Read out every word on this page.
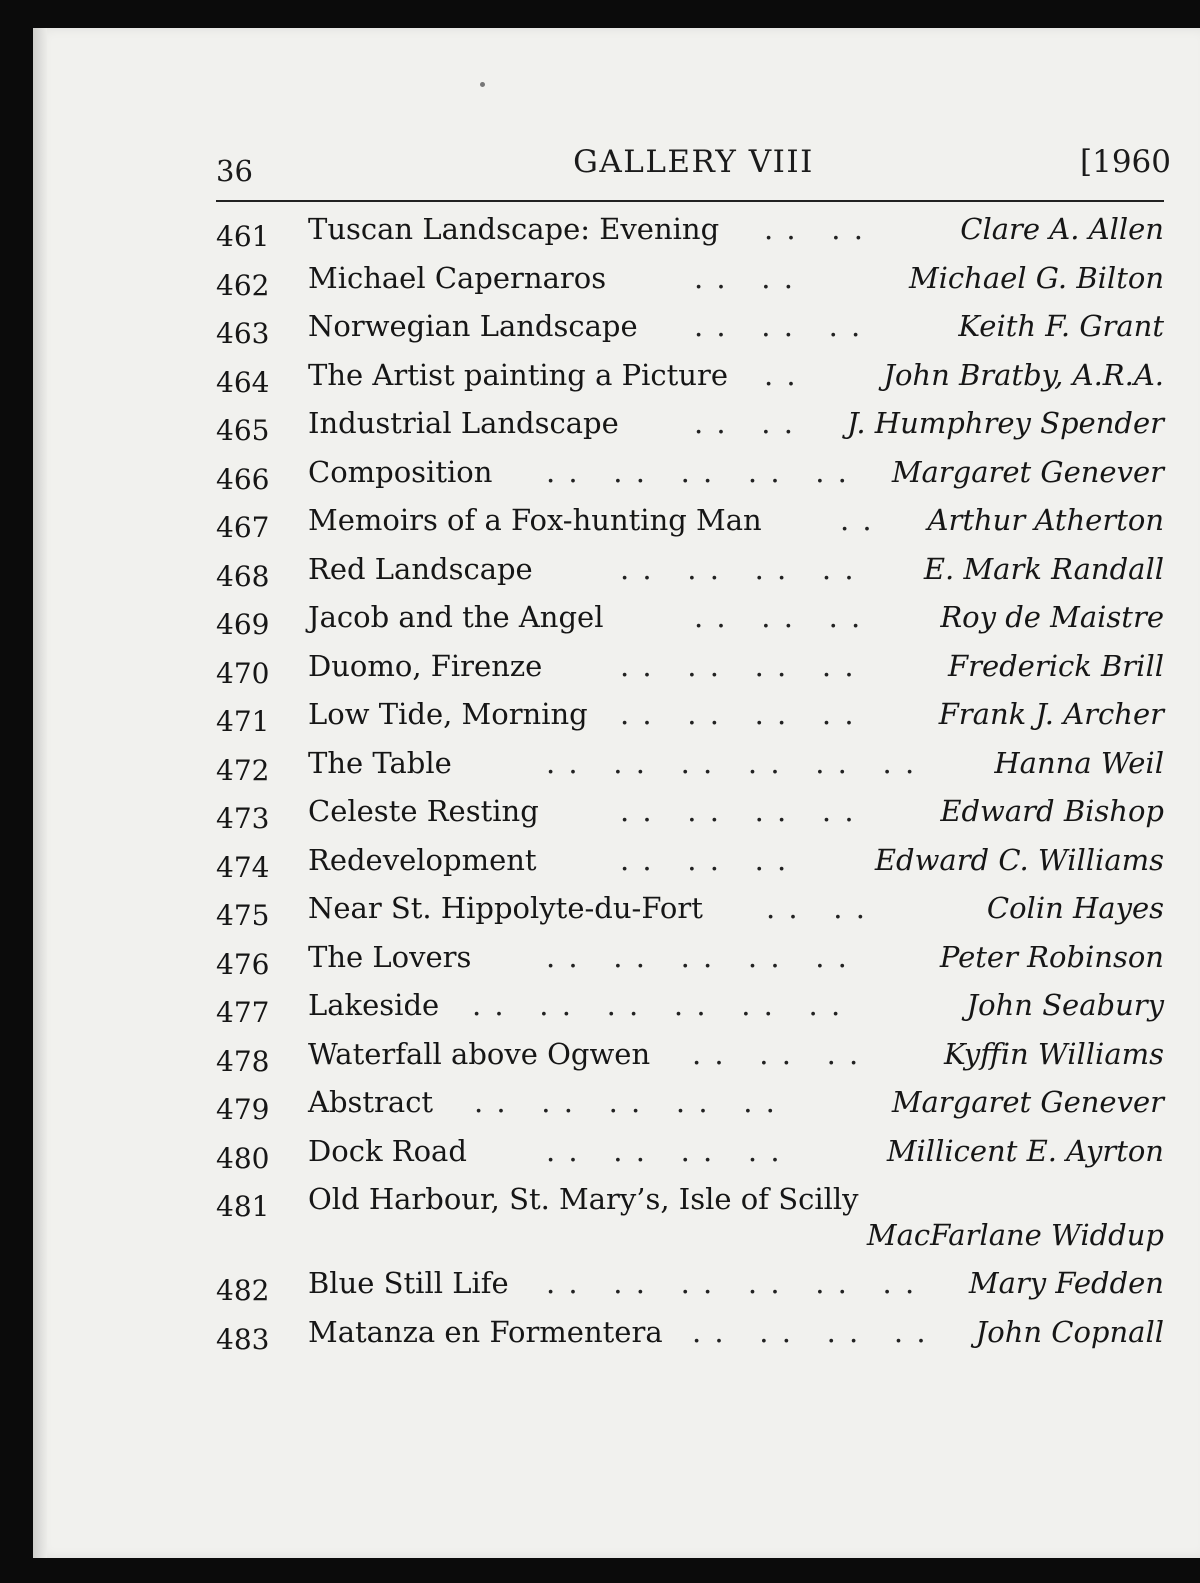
36	GALLERY VIII	[1960
461 Tuscan Landscape: Evening . .   . .	Clare A. Allen
462 Michael Capernaros	. .   . .	Michael G. Bilton
463 Norwegian Landscape . .   . .   . .	Keith F. Grant
464 The Artist painting a Picture . .	John Bratby, A.R.A.
465 Industrial Landscape	. .   . . J. Humphrey Spender
466 Composition . .   . .   . .   . .   . . Margaret Genever
467 Memoirs of a Fox-hunting Man	. . Arthur Atherton
468 Red Landscape	. .   . .   . .   . . E. Mark Randall
469 Jacob and the Angel	. .   . .   . .	Roy de Maistre
470 Duomo, Firenze	. .   . .   . .   . .	Frederick Brill
471 Low Tide, Morning . .   . .   . .   . .	Frank J. Archer
472 The Table	. .   . .   . .   . .   . .   . .	Hanna Weil
473 Celeste Resting	. .   . .   . .   . .	Edward Bishop
474 Redevelopment	. .   . .   . .	Edward C. Williams
475 Near St. Hippolyte-du-Fort . .   . .	Colin Hayes
476 The Lovers	. .   . .   . .   . .   . .	Peter Robinson
477 Lakeside . .   . .   . .   . .   . .   . .	John Seabury
478 Waterfall above Ogwen . .   . .   . .	Kyffin Williams
479 Abstract . .   . .   . .   . .   . .	Margaret Genever
480 Dock Road	. .   . .   . .   . .	Millicent E. Ayrton
481 Old Harbour, St. Mary’s, Isle of Scilly
MacFarlane Widdup
482 Blue Still Life . .   . .   . .   . .   . .   . . Mary Fedden
483 Matanza en Formentera . .   . .   . .   . . John Copnall
